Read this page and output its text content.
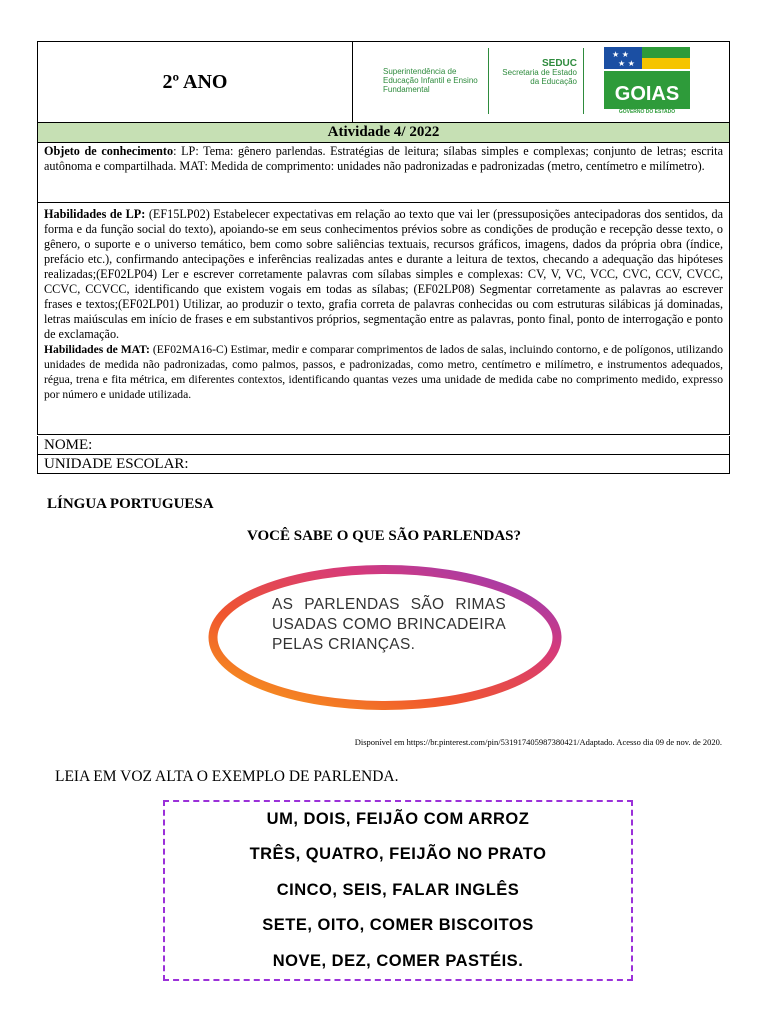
2º ANO	Superintendência de Educação Infantil e Ensino Fundamental
SEDUC
Secretaria de Estado da Educação
★ ★
★ ★
GOIAS
GOVERNO DO ESTADO
Atividade 4/ 2022
Objeto de conhecimento: LP: Tema: gênero parlendas. Estratégias de leitura; sílabas simples e complexas; conjunto de letras; escrita autônoma e compartilhada. MAT: Medida de comprimento: unidades não padronizadas e padronizadas (metro, centímetro e milímetro).
Habilidades de LP: (EF15LP02) Estabelecer expectativas em relação ao texto que vai ler (pressuposições antecipadoras dos sentidos, da forma e da função social do texto), apoiando-se em seus conhecimentos prévios sobre as condições de produção e recepção desse texto, o gênero, o suporte e o universo temático, bem como sobre saliências textuais, recursos gráficos, imagens, dados da própria obra (índice, prefácio etc.), confirmando antecipações e inferências realizadas antes e durante a leitura de textos, checando a adequação das hipóteses realizadas;(EF02LP04) Ler e escrever corretamente palavras com sílabas simples e complexas: CV, V, VC, VCC, CVC, CCV, CVCC, CCVC, CCVCC, identificando que existem vogais em todas as sílabas; (EF02LP08) Segmentar corretamente as palavras ao escrever frases e textos;(EF02LP01) Utilizar, ao produzir o texto, grafia correta de palavras conhecidas ou com estruturas silábicas já dominadas, letras maiúsculas em início de frases e em substantivos próprios, segmentação entre as palavras, ponto final, ponto de interrogação e ponto de exclamação.
Habilidades de MAT: (EF02MA16-C) Estimar, medir e comparar comprimentos de lados de salas, incluindo contorno, e de polígonos, utilizando unidades de medida não padronizadas, como palmos, passos, e padronizadas, como metro, centímetro e milímetro, e instrumentos adequados, régua, trena e fita métrica, em diferentes contextos, identificando quantas vezes uma unidade de medida cabe no comprimento medido, expresso por número e unidade utilizada.
NOME:
UNIDADE ESCOLAR:
LÍNGUA PORTUGUESA
VOCÊ SABE O QUE SÃO PARLENDAS?
AS PARLENDAS SÃO RIMAS USADAS COMO BRINCADEIRA PELAS CRIANÇAS.
Disponível em https://br.pinterest.com/pin/531917405987380421/Adaptado. Acesso dia 09 de nov. de 2020.
LEIA EM VOZ ALTA O EXEMPLO DE PARLENDA.
UM, DOIS, FEIJÃO COM ARROZ
TRÊS, QUATRO, FEIJÃO NO PRATO
CINCO, SEIS, FALAR INGLÊS
SETE, OITO, COMER BISCOITOS
NOVE, DEZ, COMER PASTÉIS.
